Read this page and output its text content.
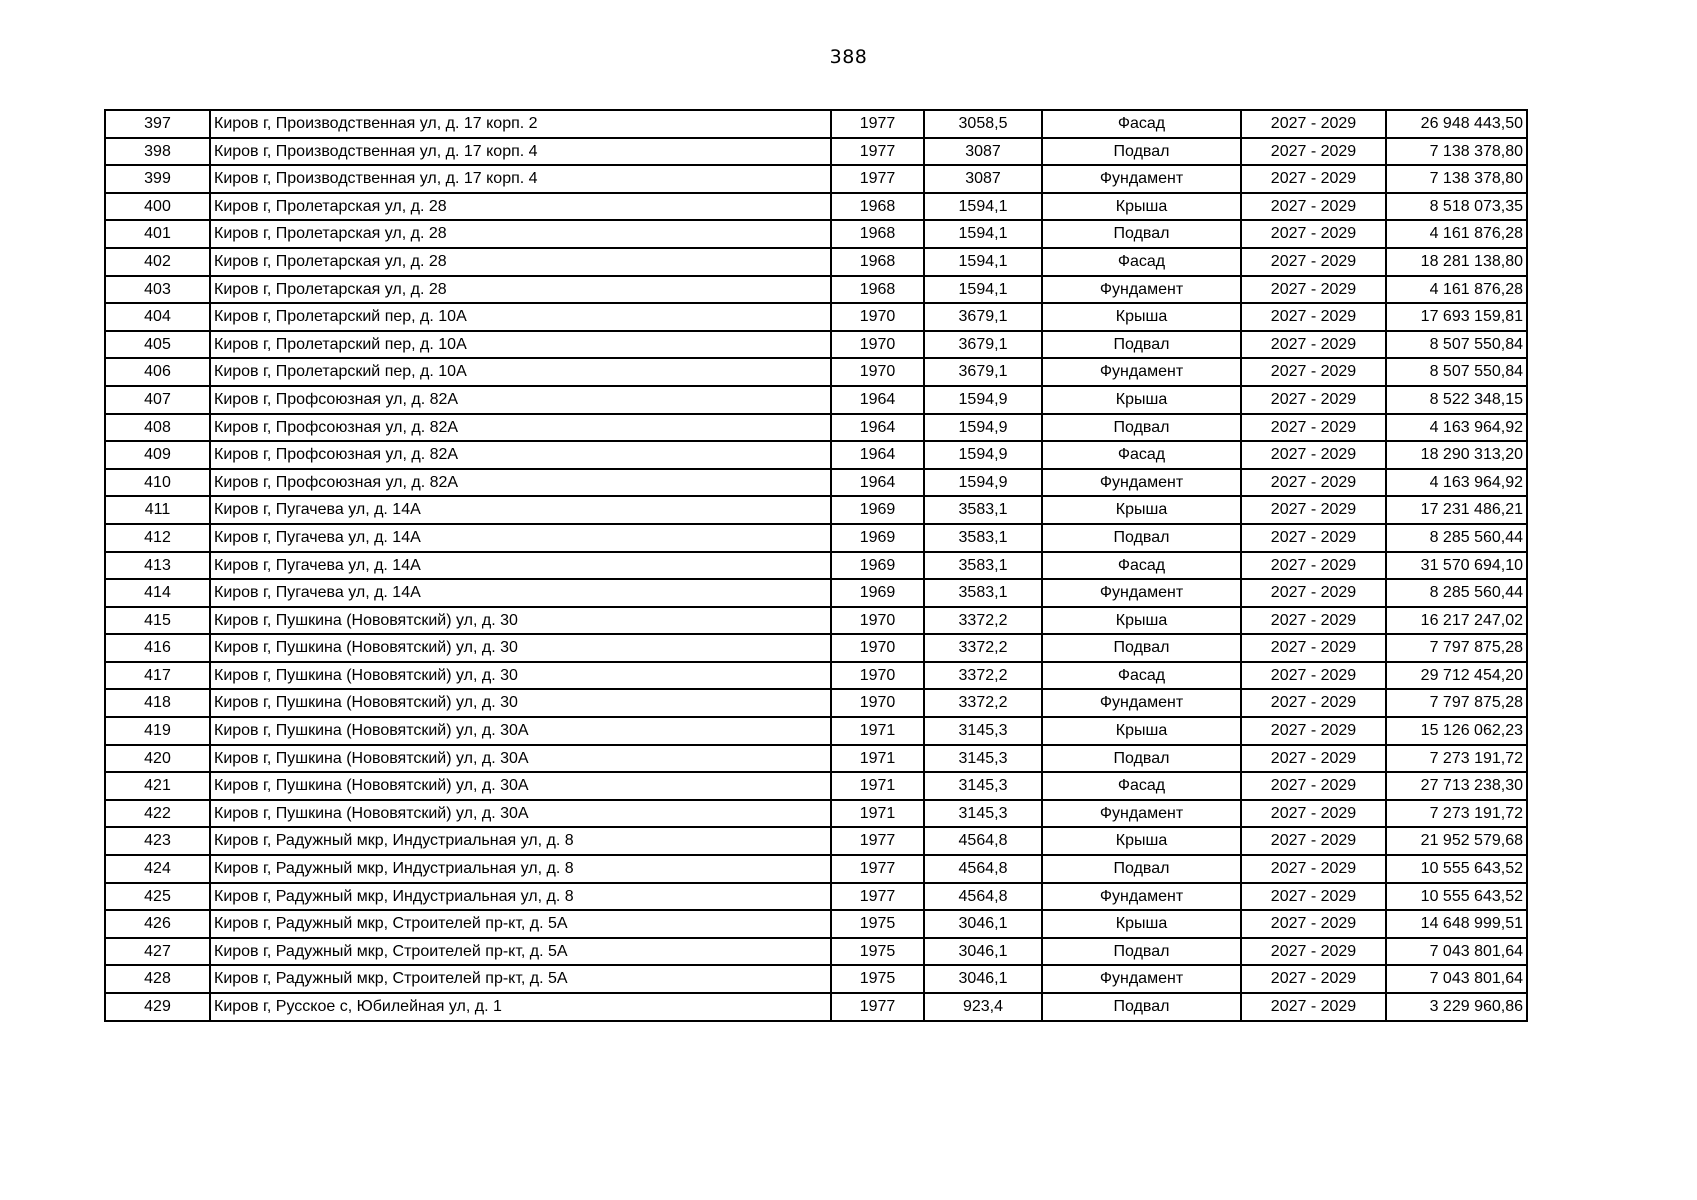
388
397	Киров г, Производственная ул, д. 17 корп. 2	1977	3058,5	Фасад	2027 - 2029	26 948 443,50
398	Киров г, Производственная ул, д. 17 корп. 4	1977	3087	Подвал	2027 - 2029	7 138 378,80
399	Киров г, Производственная ул, д. 17 корп. 4	1977	3087	Фундамент	2027 - 2029	7 138 378,80
400	Киров г, Пролетарская ул, д. 28	1968	1594,1	Крыша	2027 - 2029	8 518 073,35
401	Киров г, Пролетарская ул, д. 28	1968	1594,1	Подвал	2027 - 2029	4 161 876,28
402	Киров г, Пролетарская ул, д. 28	1968	1594,1	Фасад	2027 - 2029	18 281 138,80
403	Киров г, Пролетарская ул, д. 28	1968	1594,1	Фундамент	2027 - 2029	4 161 876,28
404	Киров г, Пролетарский пер, д. 10А	1970	3679,1	Крыша	2027 - 2029	17 693 159,81
405	Киров г, Пролетарский пер, д. 10А	1970	3679,1	Подвал	2027 - 2029	8 507 550,84
406	Киров г, Пролетарский пер, д. 10А	1970	3679,1	Фундамент	2027 - 2029	8 507 550,84
407	Киров г, Профсоюзная ул, д. 82А	1964	1594,9	Крыша	2027 - 2029	8 522 348,15
408	Киров г, Профсоюзная ул, д. 82А	1964	1594,9	Подвал	2027 - 2029	4 163 964,92
409	Киров г, Профсоюзная ул, д. 82А	1964	1594,9	Фасад	2027 - 2029	18 290 313,20
410	Киров г, Профсоюзная ул, д. 82А	1964	1594,9	Фундамент	2027 - 2029	4 163 964,92
411	Киров г, Пугачева ул, д. 14А	1969	3583,1	Крыша	2027 - 2029	17 231 486,21
412	Киров г, Пугачева ул, д. 14А	1969	3583,1	Подвал	2027 - 2029	8 285 560,44
413	Киров г, Пугачева ул, д. 14А	1969	3583,1	Фасад	2027 - 2029	31 570 694,10
414	Киров г, Пугачева ул, д. 14А	1969	3583,1	Фундамент	2027 - 2029	8 285 560,44
415	Киров г, Пушкина (Нововятский) ул, д. 30	1970	3372,2	Крыша	2027 - 2029	16 217 247,02
416	Киров г, Пушкина (Нововятский) ул, д. 30	1970	3372,2	Подвал	2027 - 2029	7 797 875,28
417	Киров г, Пушкина (Нововятский) ул, д. 30	1970	3372,2	Фасад	2027 - 2029	29 712 454,20
418	Киров г, Пушкина (Нововятский) ул, д. 30	1970	3372,2	Фундамент	2027 - 2029	7 797 875,28
419	Киров г, Пушкина (Нововятский) ул, д. 30А	1971	3145,3	Крыша	2027 - 2029	15 126 062,23
420	Киров г, Пушкина (Нововятский) ул, д. 30А	1971	3145,3	Подвал	2027 - 2029	7 273 191,72
421	Киров г, Пушкина (Нововятский) ул, д. 30А	1971	3145,3	Фасад	2027 - 2029	27 713 238,30
422	Киров г, Пушкина (Нововятский) ул, д. 30А	1971	3145,3	Фундамент	2027 - 2029	7 273 191,72
423	Киров г, Радужный мкр, Индустриальная ул, д. 8	1977	4564,8	Крыша	2027 - 2029	21 952 579,68
424	Киров г, Радужный мкр, Индустриальная ул, д. 8	1977	4564,8	Подвал	2027 - 2029	10 555 643,52
425	Киров г, Радужный мкр, Индустриальная ул, д. 8	1977	4564,8	Фундамент	2027 - 2029	10 555 643,52
426	Киров г, Радужный мкр, Строителей пр-кт, д. 5А	1975	3046,1	Крыша	2027 - 2029	14 648 999,51
427	Киров г, Радужный мкр, Строителей пр-кт, д. 5А	1975	3046,1	Подвал	2027 - 2029	7 043 801,64
428	Киров г, Радужный мкр, Строителей пр-кт, д. 5А	1975	3046,1	Фундамент	2027 - 2029	7 043 801,64
429	Киров г, Русское с, Юбилейная ул, д. 1	1977	923,4	Подвал	2027 - 2029	3 229 960,86
